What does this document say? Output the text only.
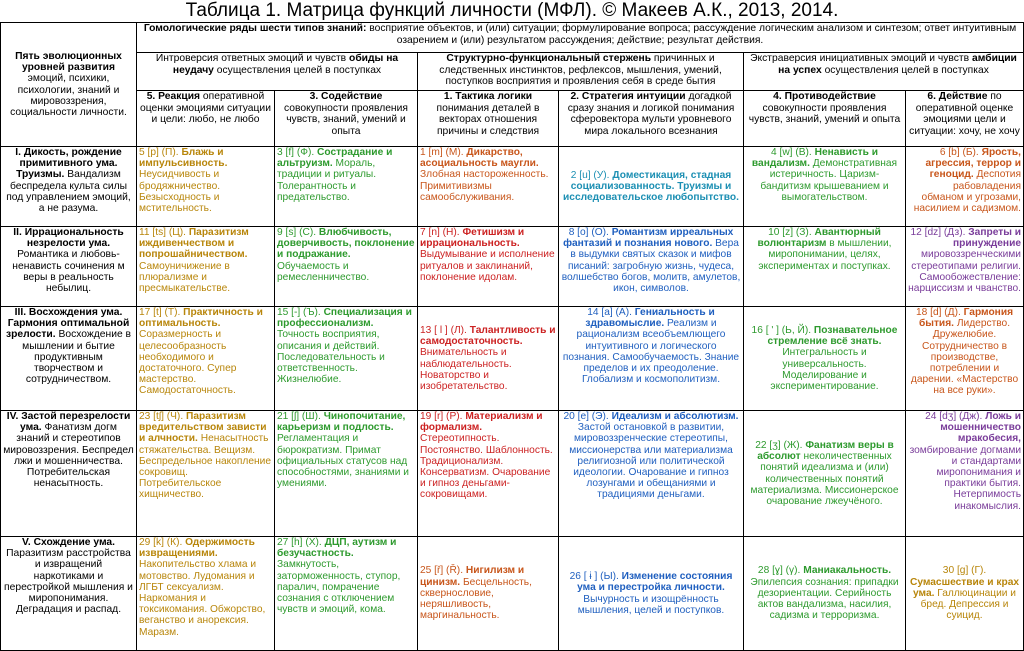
Таблица 1. Матрица функций личности (МФЛ). © Макеев А.К., 2013, 2014.
Пять эволюционных уровней развития эмоций, психики, психологии, знаний и мировоззрения, социальности личности.	Гомологические ряды шести типов знаний: восприятие объектов, и (или) ситуации; формулирование вопроса; рассуждение логическим анализом и синтезом; ответ интуитивным озарением и (или) результатом рассуждения; действие; результат действия.					
	Интроверсия ответных эмоций и чувств обиды на неудачу осуществления целей в поступках		Структурно-функциональный стержень причинных и следственных инстинктов, рефлексов, мышления, умений, поступков восприятия и проявления себя в среде бытия		Экстраверсия инициативных эмоций и чувств амбиции на успех осуществления целей в поступках	
	5. Реакция оперативной оценки эмоциями ситуации и цели: любо, не любо	3. Содействие совокупности проявления чувств, знаний, умений и опыта	1. Тактика логики понимания деталей в векторах отношения причины и следствия	2. Стратегия интуиции догадкой сразу знания и логикой понимания сферовектора мульти уровневого мира локального всезнания	4. Противодействие совокупности проявления чувств, знаний, умений и опыта	6. Действие по оперативной оценке эмоциями цели и ситуации: хочу, не хочу
I. Дикость, рождение примитивного ума. Труизмы. Вандализм беспредела культа силы под управлением эмоций, а не разума.	5 [р] (П). Блажь и импульсивность. Неусидчивость и бродяжничество. Безысходность и мстительность.	3 [f] (Ф). Сострадание и альтруизм. Мораль, традиции и ритуалы. Толерантность и предательство.	1 [m] (М). Дикарство, асоциальность маугли. Злобная настороженность. Примитивизмы самообслуживания.	2 [u] (У). Доместикация, стадная социализованность. Труизмы и исследовательское любопытство.	4 [w] (В). Ненависть и вандализм. Демонстративная истеричность. Царизм-бандитизм крышеванием и вымогательством.	6 [b] (Б). Ярость, агрессия, террор и геноцид. Деспотия рабовладения обманом и угрозами, насилием и садизмом.
II. Иррациональность незрелости ума. Романтика и любовь-ненависть сочинения м веры в реальность небылиц.	11 [ts] (Ц). Паразитизм иждивенчеством и попрошайничеством. Самоуничижение в плюрализме и пресмыкательстве.	9 [s] (С). Влюбчивость, доверчивость, поклонение и подражание. Обучаемость и ремесленничество.	7 [n] (Н). Фетишизм и иррациональность. Выдумывание и исполнение ритуалов и заклинаний, поклонение идолам.	8 [o] (О). Романтизм ирреальных фантазий и познания нового. Вера в выдумки святых сказок и мифов писаний: загробную жизнь, чудеса, волшебство богов, молитв, амулетов, икон, символов.	10 [z] (З). Авантюрный волюнтаризм в мышлении, миропонимании, целях, экспериментах и поступках.	12 [dz] (Дз). Запреты и принуждение мировоззренческими стереотипами религии. Самообожествление: нарциссизм и чванство.
III. Восхождения ума. Гармония оптимальной зрелости. Восхождение в мышлении и бытие продуктивным творчеством и сотрудничеством.	17 [t] (Т). Практичность и оптимальность. Соразмерность и целесообразность необходимого и достаточного. Супер мастерство. Самодостаточность.	15 [-] (Ъ). Специализация и профессионализм. Точность восприятия, описания и действий. Последовательность и ответственность. Жизнелюбие.	13 [ l ] (Л). Талантливость и самодостаточность. Внимательность и наблюдательность. Новаторство и изобретательство.	14 [a] (А). Гениальность и здравомыслие. Реализм и рационализм всеобъемлющего интуитивного и логического познания. Самообучаемость. Знание пределов и их преодоление. Глобализм и космополитизм.	16 [ ' ] (Ь, Й). Познавательное стремление всё знать. Интегральность и универсальность. Моделирование и экспериментирование.	18 [d] (Д). Гармония бытия. Лидерство. Дружелюбие. Сотрудничество в производстве, потреблении и дарении. «Мастерство на все руки».
IV. Застой перезрелости ума. Фанатизм догм знаний и стереотипов мировоззрения. Беспредел лжи и мошенничества. Потребительская ненасытность.	23 [tʃ] (Ч). Паразитизм вредительством зависти и алчности. Ненасытность стяжательства. Вещизм. Беспредельное накопление сокровищ. Потребительское хищничество.	21 [ʃ] (Ш). Чинопочитание, карьеризм и подлость. Регламентация и бюрократизм. Примат официальных статусов над способностями, знаниями и умениями.	19 [r] (Р). Материализм и формализм. Стереотипность. Постоянство. Шаблонность. Традиционализм. Консерватизм. Очарование и гипноз деньгами-сокровищами.	20 [e] (Э). Идеализм и абсолютизм. Застой остановкой в развитии, мировоззренческие стереотипы, миссионерства или материализма религиозной или политической идеологии. Очарование и гипноз лозунгами и обещаниями и традициями деньгами.	22 [ʒ] (Ж). Фанатизм веры в абсолют неколичественных понятий идеализма и (или) количественных понятий материализма. Миссионерское очарование лжеучёного.	24 [dʒ] (Дж). Ложь и мошенничество мракобесия, зомбирование догмами и стандартами миропонимания и практики бытия. Нетерпимость инакомыслия.
V. Схождение ума. Паразитизм расстройства и извращений наркотиками и перестройкой мышления и миропонимания. Деградация и распад.	29 [k] (К). Одержимость извращениями. Накопительство хлама и мотовство. Лудомания и ЛГБТ сексуализм. Наркомания и токсикомания. Обжорство, веганство и анорексия. Маразм.	27 [h] (Х). ДЦП, аутизм и безучастность. Замкнутость, заторможенность, ступор, паралич, помрачение сознания с отключением чувств и эмоций, кома.	25 [ř] (Ř). Нигилизм и цинизм. Бесцельность, сквернословие, неряшливость, маргинальность.	26 [ ɨ ] (Ы). Изменение состояния ума и перестройка личности. Вычурность и изощрённость мышления, целей и поступков.	28 [ɣ] (γ). Маниакальность. Эпилепсия сознания: припадки дезориентации. Серийность актов вандализма, насилия, садизма и терроризма.	30 [g] (Г). Сумасшествие и крах ума. Галлюцинации и бред. Депрессия и суицид.
